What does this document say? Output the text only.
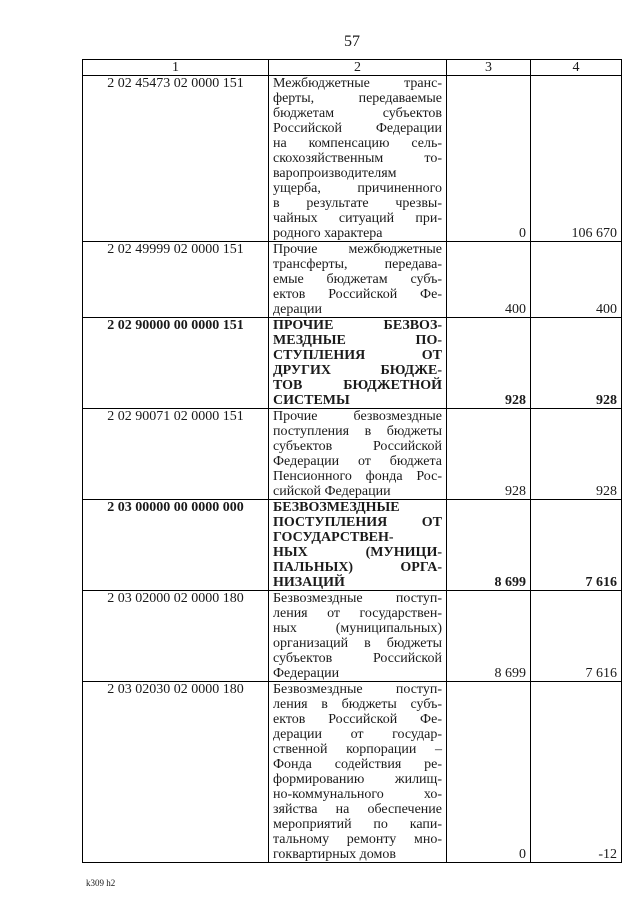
57
1	2	3	4
2 02 45473 02 0000 151	Межбюджетные транс-
ферты, передаваемые
бюджетам субъектов
Российской Федерации
на компенсацию сель-
скохозяйственным то-
варопроизводителям
ущерба, причиненного
в результате чрезвы-
чайных ситуаций при-
родного характера	0	106 670
2 02 49999 02 0000 151	Прочие межбюджетные
трансферты, передава-
емые бюджетам субъ-
ектов Российской Фе-
дерации	400	400
2 02 90000 00 0000 151	ПРОЧИЕ БЕЗВОЗ-
МЕЗДНЫЕ ПО-
СТУПЛЕНИЯ ОТ
ДРУГИХ БЮДЖЕ-
ТОВ БЮДЖЕТНОЙ
СИСТЕМЫ	928	928
2 02 90071 02 0000 151	Прочие безвозмездные
поступления в бюджеты
субъектов Российской
Федерации от бюджета
Пенсионного фонда Рос-
сийской Федерации	928	928
2 03 00000 00 0000 000	БЕЗВОЗМЕЗДНЫЕ
ПОСТУПЛЕНИЯ ОТ
ГОСУДАРСТВЕН-
НЫХ (МУНИЦИ-
ПАЛЬНЫХ) ОРГА-
НИЗАЦИЙ	8 699	7 616
2 03 02000 02 0000 180	Безвозмездные поступ-
ления от государствен-
ных (муниципальных)
организаций в бюджеты
субъектов Российской
Федерации	8 699	7 616
2 03 02030 02 0000 180	Безвозмездные поступ-
ления в бюджеты субъ-
ектов Российской Фе-
дерации от государ-
ственной корпорации –
Фонда содействия ре-
формированию жилищ-
но-коммунального хо-
зяйства на обеспечение
мероприятий по капи-
тальному ремонту мно-
гоквартирных домов	0	-12
k309 h2
